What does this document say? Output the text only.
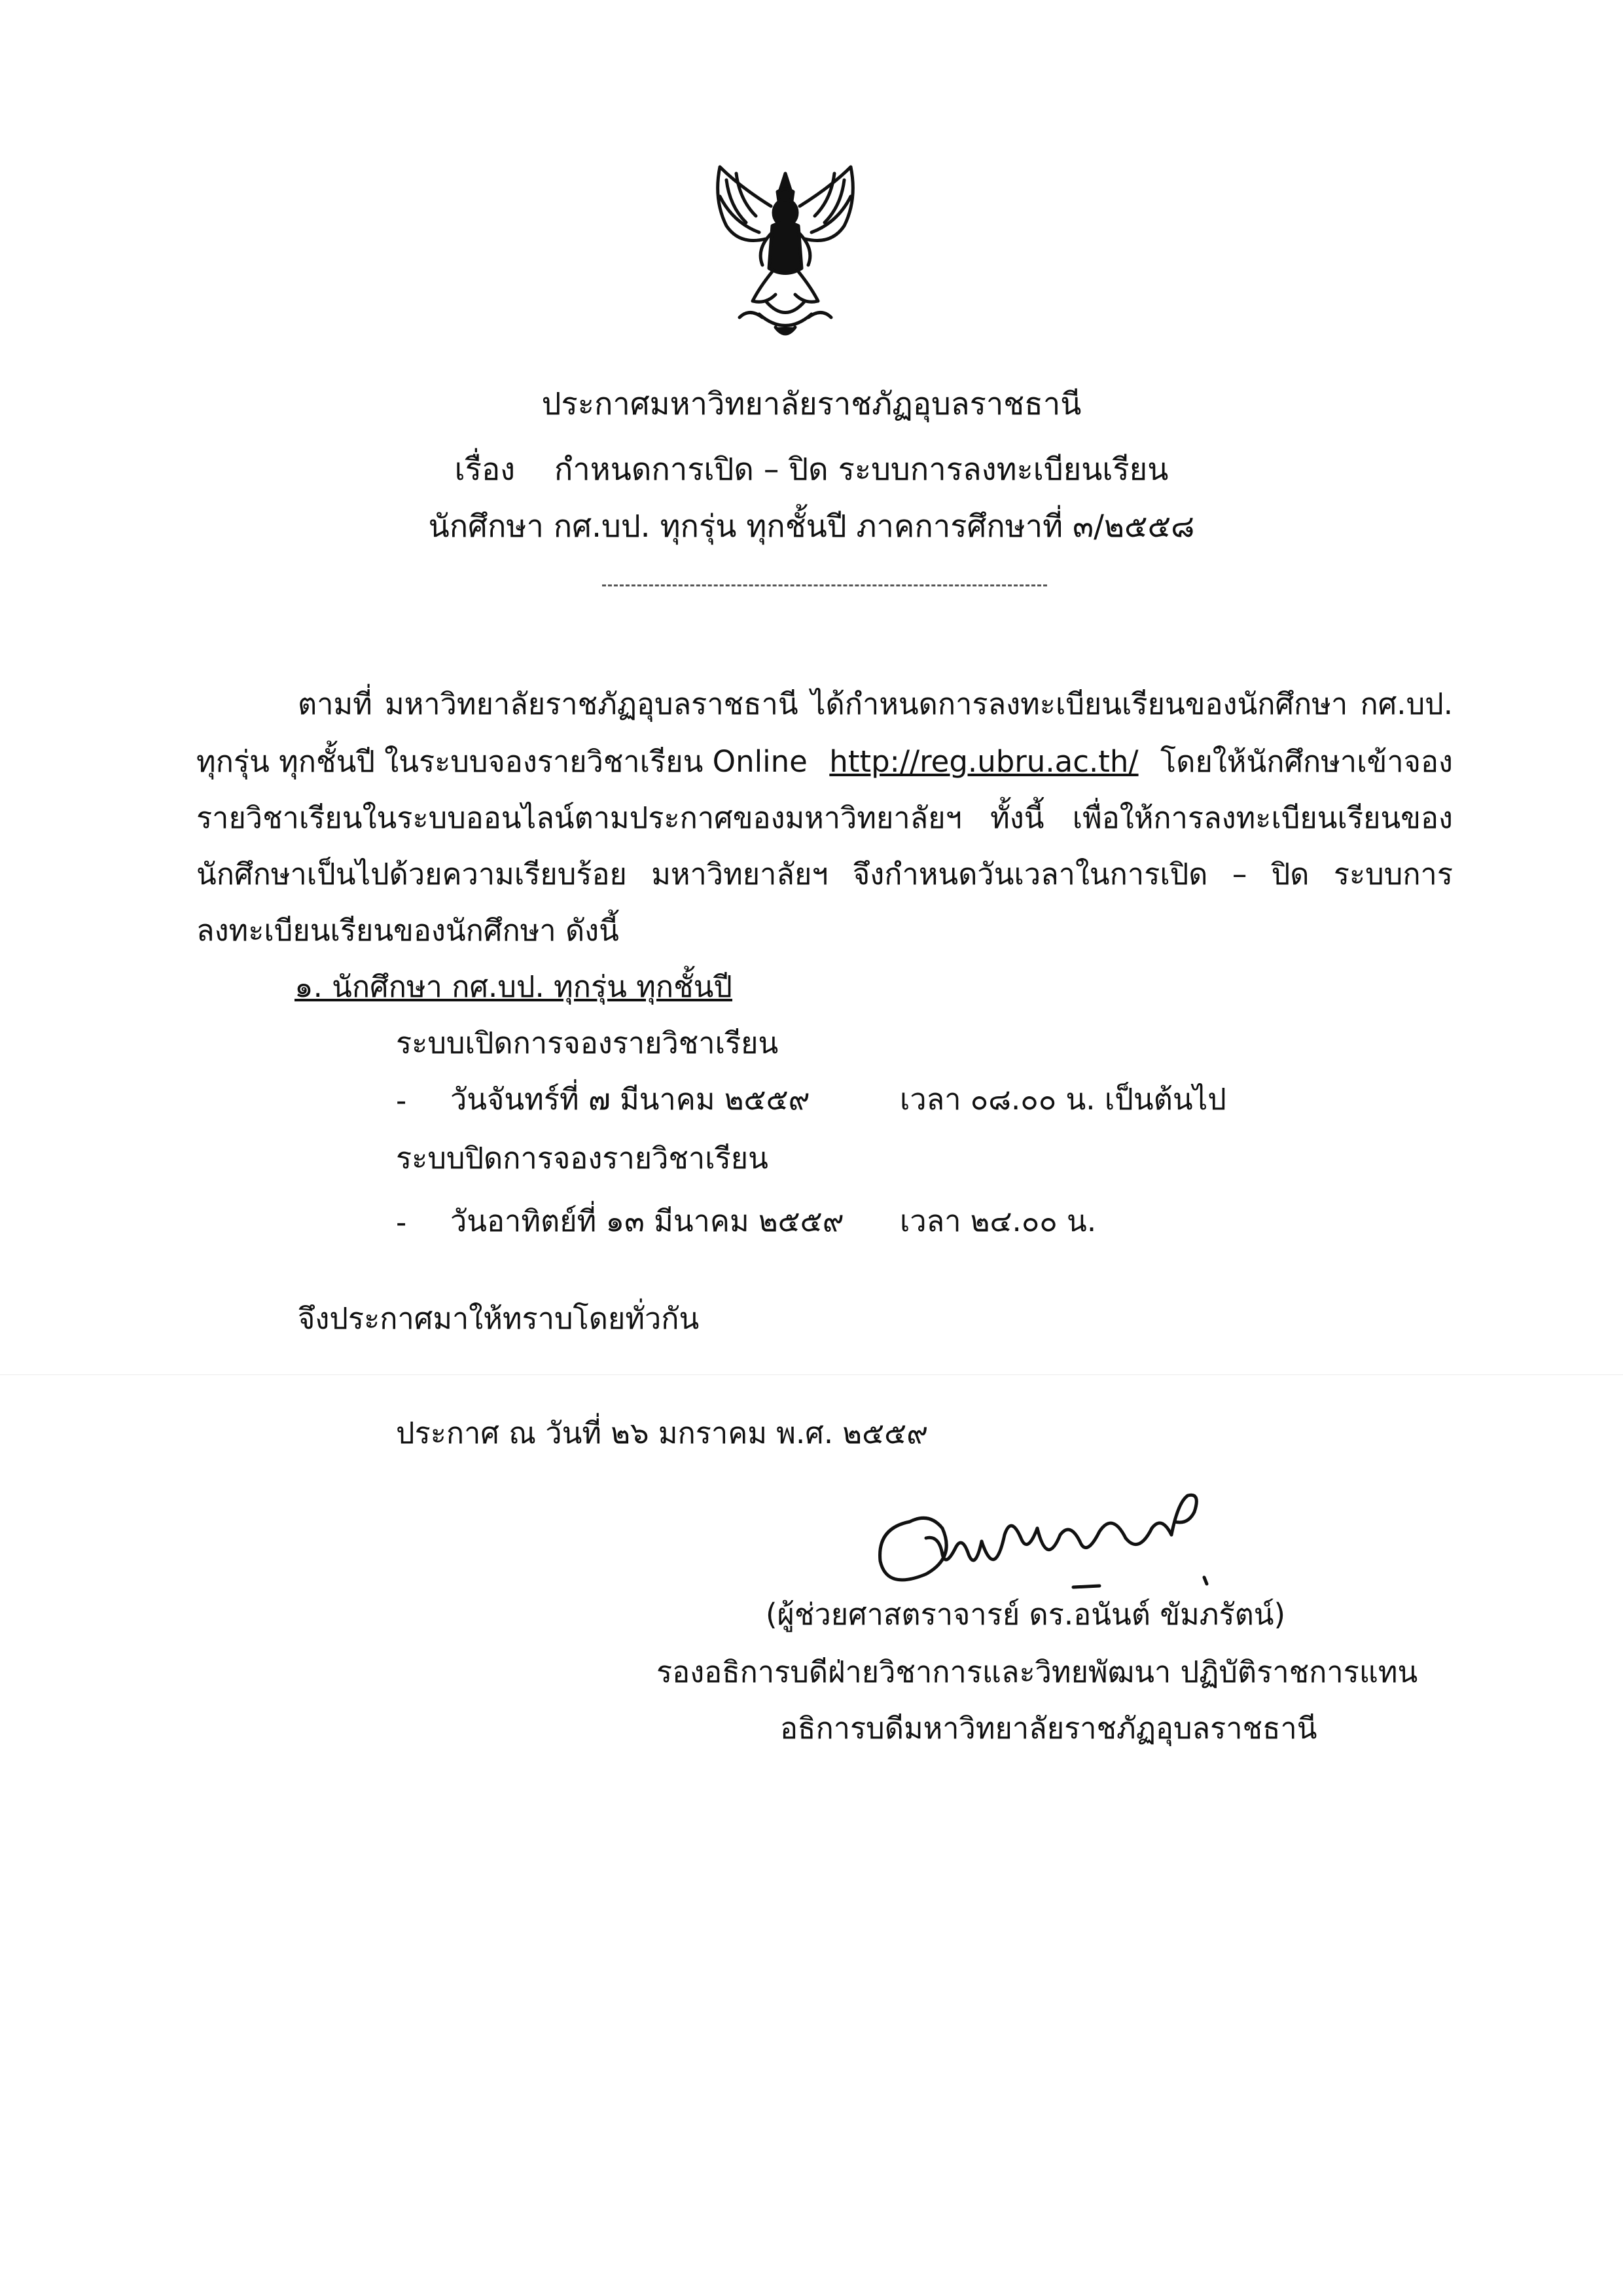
ประกาศมหาวิทยาลัยราชภัฏอุบลราชธานี
เรื่อง กำหนดการเปิด – ปิด ระบบการลงทะเบียนเรียน
นักศึกษา กศ.บป. ทุกรุ่น ทุกชั้นปี ภาคการศึกษาที่ ๓/๒๕๕๘
ตามที่ มหาวิทยาลัยราชภัฏอุบลราชธานี ได้กำหนดการลงทะเบียนเรียนของนักศึกษา กศ.บป.
ทุกรุ่น ทุกชั้นปี ในระบบจองรายวิชาเรียน Online http://reg.ubru.ac.th/ โดยให้นักศึกษาเข้าจอง
รายวิชาเรียนในระบบออนไลน์ตามประกาศของมหาวิทยาลัยฯ ทั้งนี้ เพื่อให้การลงทะเบียนเรียนของ
นักศึกษาเป็นไปด้วยความเรียบร้อย มหาวิทยาลัยฯ จึงกำหนดวันเวลาในการเปิด – ปิด ระบบการ
ลงทะเบียนเรียนของนักศึกษา ดังนี้
๑. นักศึกษา กศ.บป. ทุกรุ่น ทุกชั้นปี
ระบบเปิดการจองรายวิชาเรียน
- วันจันทร์ที่ ๗ มีนาคม ๒๕๕๙	เวลา ๐๘.๐๐ น. เป็นต้นไป
ระบบปิดการจองรายวิชาเรียน
- วันอาทิตย์ที่ ๑๓ มีนาคม ๒๕๕๙ เวลา ๒๔.๐๐ น.
จึงประกาศมาให้ทราบโดยทั่วกัน
ประกาศ ณ วันที่ ๒๖ มกราคม พ.ศ. ๒๕๕๙
(ผู้ช่วยศาสตราจารย์ ดร.อนันต์ ขัมภรัตน์)
รองอธิการบดีฝ่ายวิชาการและวิทยพัฒนา ปฏิบัติราชการแทน
อธิการบดีมหาวิทยาลัยราชภัฏอุบลราชธานี
